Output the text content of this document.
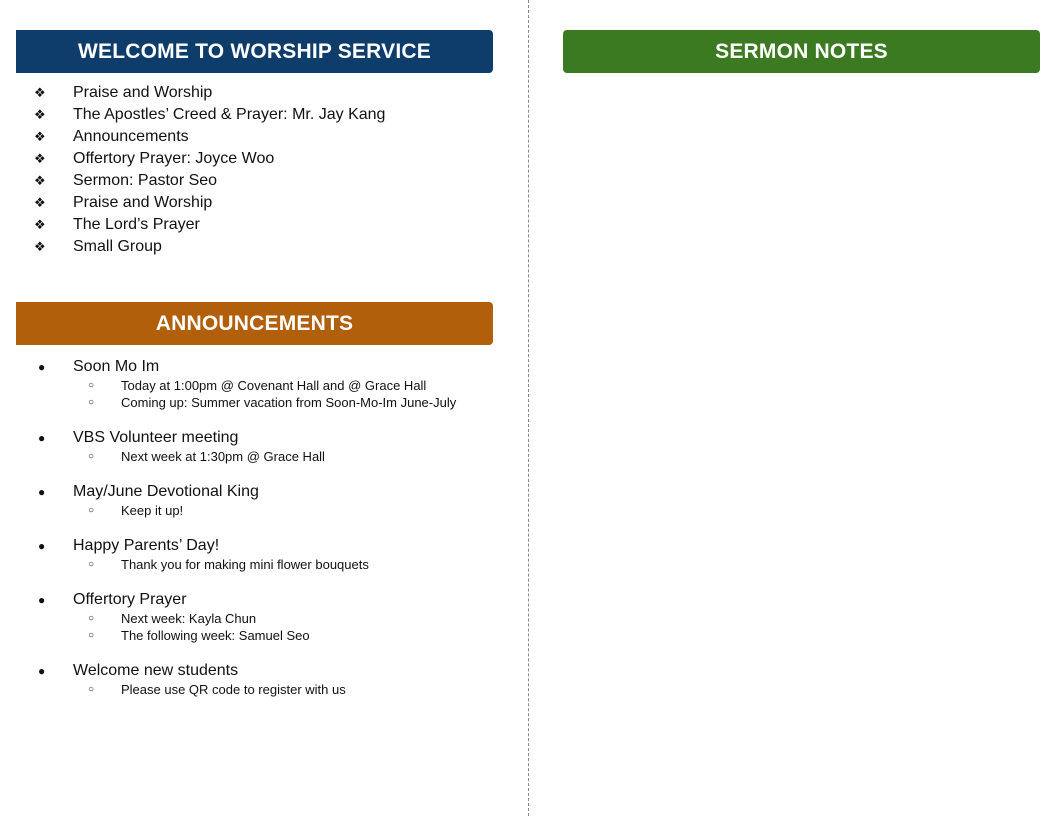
WELCOME TO WORSHIP SERVICE
❖	Praise and Worship
❖	The Apostles’ Creed & Prayer: Mr. Jay Kang
❖	Announcements
❖	Offertory Prayer: Joyce Woo
❖	Sermon: Pastor Seo
❖	Praise and Worship
❖	The Lord’s Prayer
❖	Small Group
ANNOUNCEMENTS
●	Soon Mo Im
○	Today at 1:00pm @ Covenant Hall and @ Grace Hall
○	Coming up: Summer vacation from Soon-Mo-Im June-July
●	VBS Volunteer meeting
○	Next week at 1:30pm @ Grace Hall
●	May/June Devotional King
○	Keep it up!
●	Happy Parents’ Day!
○	Thank you for making mini flower bouquets
●	Offertory Prayer
○	Next week: Kayla Chun
○	The following week: Samuel Seo
●	Welcome new students
○	Please use QR code to register with us
SERMON NOTES
